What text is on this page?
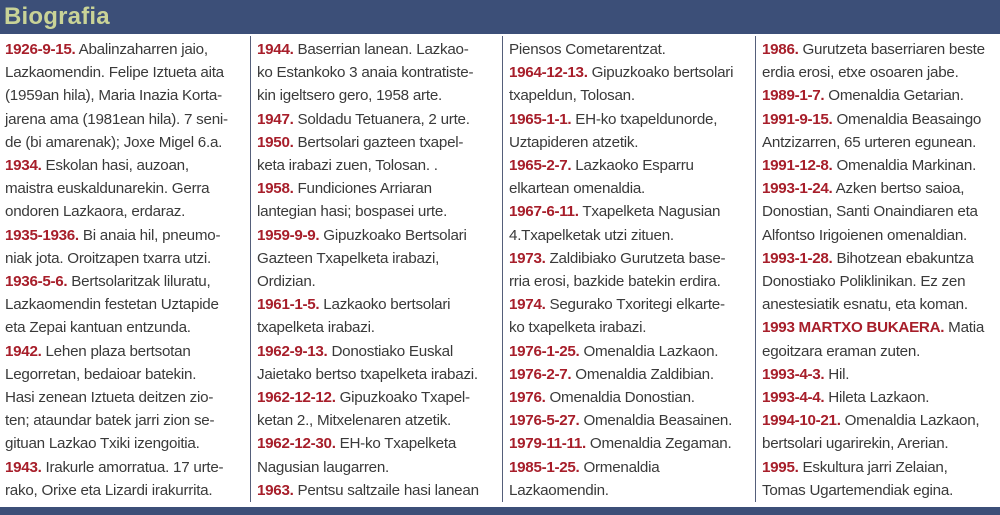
Biografia

1926-9-15. Abalinzaharren jaio,

Lazkaomendin. Felipe Iztueta aita

(1959an hila), Maria Inazia Korta-

jarena ama (1981ean hila). 7 seni-

de (bi amarenak); Joxe Migel 6.a.

1934. Eskolan hasi, auzoan,

maistra euskaldunarekin. Gerra

ondoren Lazkaora, erdaraz.

1935-1936. Bi anaia hil, pneumo-

niak jota. Oroitzapen txarra utzi.

1936-5-6. Bertsolaritzak liluratu,

Lazkaomendin festetan Uztapide

eta Zepai kantuan entzunda.

1942. Lehen plaza bertsotan

Legorretan, bedaioar batekin.

Hasi zenean Iztueta deitzen zio-

ten; ataundar batek jarri zion se-

gituan Lazkao Txiki izengoitia.

1943. Irakurle amorratua. 17 urte-

rako, Orixe eta Lizardi irakurrita.

1944. Baserrian lanean. Lazkao-

ko Estankoko 3 anaia kontratiste-

kin igeltsero gero, 1958 arte.

1947. Soldadu Tetuanera, 2 urte.

1950. Bertsolari gazteen txapel-

keta irabazi zuen, Tolosan. .

1958. Fundiciones Arriaran

lantegian hasi; bospasei urte.

1959-9-9. Gipuzkoako Bertsolari

Gazteen Txapelketa irabazi,

Ordizian.

1961-1-5. Lazkaoko bertsolari

txapelketa irabazi.

1962-9-13. Donostiako Euskal

Jaietako bertso txapelketa irabazi.

1962-12-12. Gipuzkoako Txapel-

ketan 2., Mitxelenaren atzetik.

1962-12-30. EH-ko Txapelketa

Nagusian laugarren.

1963. Pentsu saltzaile hasi lanean

Piensos Cometarentzat.

1964-12-13. Gipuzkoako bertsolari

txapeldun, Tolosan.

1965-1-1. EH-ko txapeldunorde,

Uztapideren atzetik.

1965-2-7. Lazkaoko Esparru

elkartean omenaldia.

1967-6-11. Txapelketa Nagusian

4.Txapelketak utzi zituen.

1973. Zaldibiako Gurutzeta base-

rria erosi, bazkide batekin erdira.

1974. Segurako Txoritegi elkarte-

ko txapelketa irabazi.

1976-1-25. Omenaldia Lazkaon.

1976-2-7. Omenaldia Zaldibian.

1976. Omenaldia Donostian.

1976-5-27. Omenaldia Beasainen.

1979-11-11. Omenaldia Zegaman.

1985-1-25. Ormenaldia

Lazkaomendin.

1986. Gurutzeta baserriaren beste

erdia erosi, etxe osoaren jabe.

1989-1-7. Omenaldia Getarian.

1991-9-15. Omenaldia Beasaingo

Antzizarren, 65 urteren egunean.

1991-12-8. Omenaldia Markinan.

1993-1-24. Azken bertso saioa,

Donostian, Santi Onaindiaren eta

Alfontso Irigoienen omenaldian.

1993-1-28. Bihotzean ebakuntza

Donostiako Poliklinikan. Ez zen

anestesiatik esnatu, eta koman.

1993 MARTXO BUKAERA. Matia

egoitzara eraman zuten.

1993-4-3. Hil.

1993-4-4. Hileta Lazkaon.

1994-10-21. Omenaldia Lazkaon,

bertsolari ugarirekin, Arerian.

1995. Eskultura jarri Zelaian,

Tomas Ugartemendiak egina.
